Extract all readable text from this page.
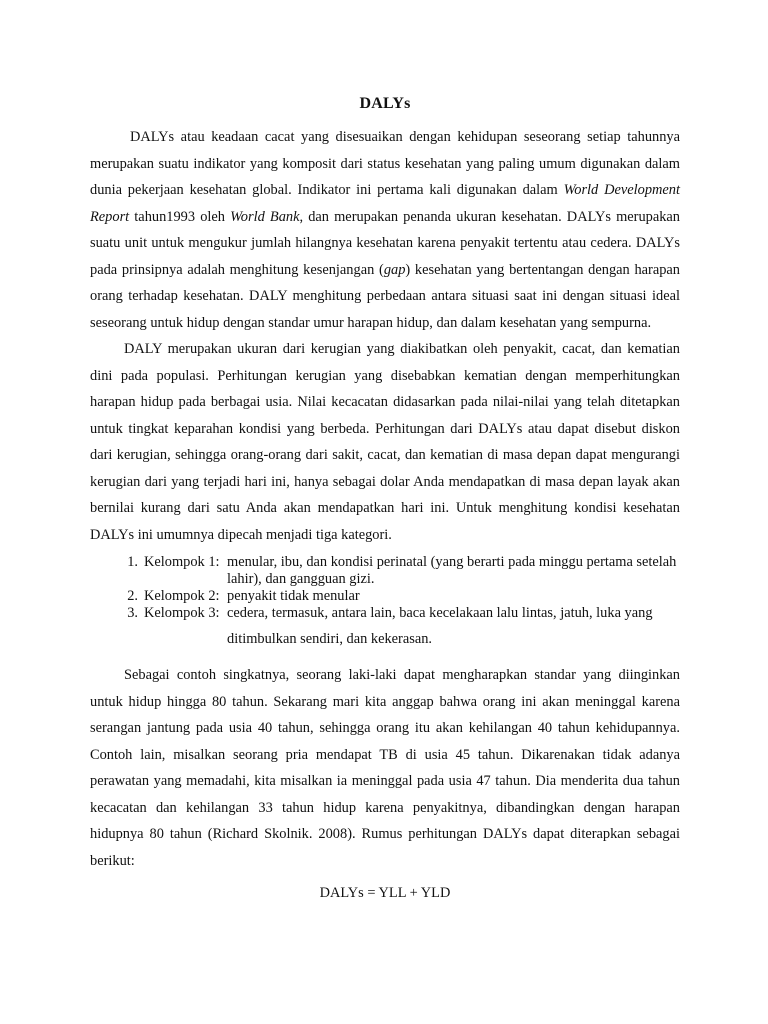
DALYs

DALYs atau keadaan cacat yang disesuaikan dengan kehidupan seseorang setiap tahunnya merupakan suatu indikator yang komposit dari status kesehatan yang paling umum digunakan dalam dunia pekerjaan kesehatan global. Indikator ini pertama kali digunakan dalam World Development Report tahun1993 oleh World Bank, dan merupakan penanda ukuran kesehatan. DALYs merupakan suatu unit untuk mengukur jumlah hilangnya kesehatan karena penyakit tertentu atau cedera. DALYs pada prinsipnya adalah menghitung kesenjangan (gap) kesehatan yang bertentangan dengan harapan orang terhadap kesehatan. DALY menghitung perbedaan antara situasi saat ini dengan situasi ideal seseorang untuk hidup dengan standar umur harapan hidup, dan dalam kesehatan yang sempurna.

DALY merupakan ukuran dari kerugian yang diakibatkan oleh penyakit, cacat, dan kematian dini pada populasi. Perhitungan kerugian yang disebabkan kematian dengan memperhitungkan harapan hidup pada berbagai usia. Nilai kecacatan didasarkan pada nilai-nilai yang telah ditetapkan untuk tingkat keparahan kondisi yang berbeda. Perhitungan dari DALYs atau dapat disebut diskon dari kerugian, sehingga orang-orang dari sakit, cacat, dan kematian di masa depan dapat mengurangi kerugian dari yang terjadi hari ini, hanya sebagai dolar Anda mendapatkan di masa depan layak akan bernilai kurang dari satu Anda akan mendapatkan hari ini. Untuk menghitung kondisi kesehatan DALYs ini umumnya dipecah menjadi tiga kategori.

1. Kelompok 1: menular, ibu, dan kondisi perinatal (yang berarti pada minggu pertama setelah lahir), dan gangguan gizi.
2. Kelompok 2: penyakit tidak menular
3. Kelompok 3: cedera, termasuk, antara lain, baca kecelakaan lalu lintas, jatuh, luka yang
ditimbulkan sendiri, dan kekerasan.

Sebagai contoh singkatnya, seorang laki-laki dapat mengharapkan standar yang diinginkan untuk hidup hingga 80 tahun. Sekarang mari kita anggap bahwa orang ini akan meninggal karena serangan jantung pada usia 40 tahun, sehingga orang itu akan kehilangan 40 tahun kehidupannya. Contoh lain, misalkan seorang pria mendapat TB di usia 45 tahun. Dikarenakan tidak adanya perawatan yang memadahi, kita misalkan ia meninggal pada usia 47 tahun. Dia menderita dua tahun kecacatan dan kehilangan 33 tahun hidup karena penyakitnya, dibandingkan dengan harapan hidupnya 80 tahun (Richard Skolnik. 2008). Rumus perhitungan DALYs dapat diterapkan sebagai berikut:

DALYs = YLL + YLD
